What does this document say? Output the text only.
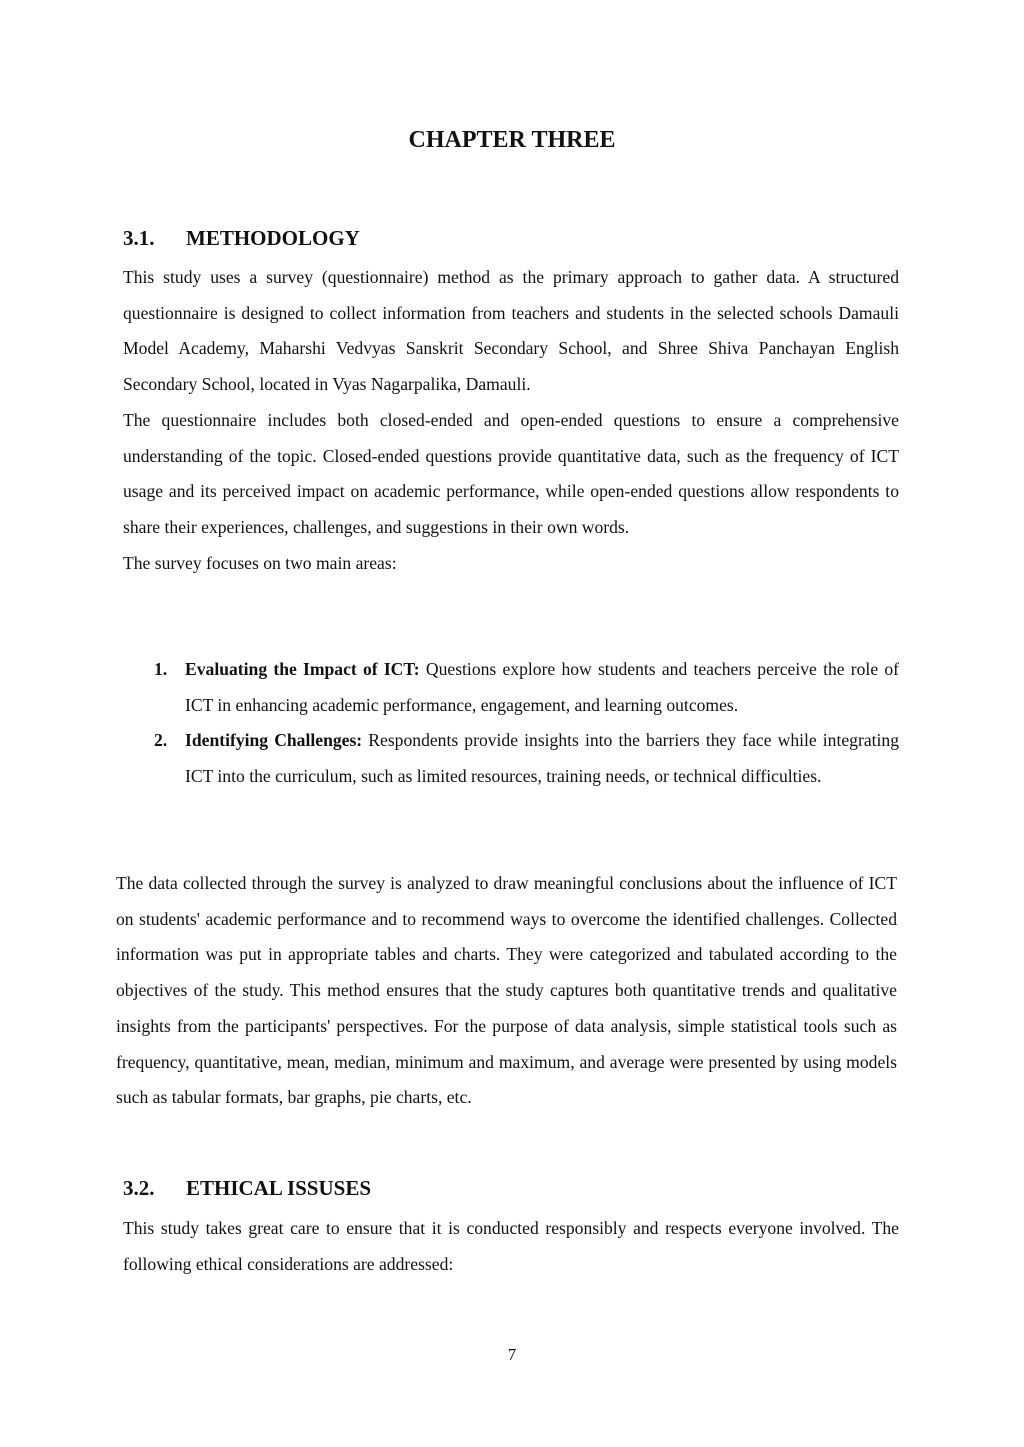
CHAPTER THREE
3.1. METHODOLOGY

This study uses a survey (questionnaire) method as the primary approach to gather data. A structured questionnaire is designed to collect information from teachers and students in the selected schools Damauli Model Academy, Maharshi Vedvyas Sanskrit Secondary School, and Shree Shiva Panchayan English Secondary School, located in Vyas Nagarpalika, Damauli.

The questionnaire includes both closed-ended and open-ended questions to ensure a comprehensive understanding of the topic. Closed-ended questions provide quantitative data, such as the frequency of ICT usage and its perceived impact on academic performance, while open-ended questions allow respondents to share their experiences, challenges, and suggestions in their own words.

The survey focuses on two main areas:

1. Evaluating the Impact of ICT: Questions explore how students and teachers perceive the role of ICT in enhancing academic performance, engagement, and learning outcomes.
2. Identifying Challenges: Respondents provide insights into the barriers they face while integrating ICT into the curriculum, such as limited resources, training needs, or technical difficulties.

The data collected through the survey is analyzed to draw meaningful conclusions about the influence of ICT on students' academic performance and to recommend ways to overcome the identified challenges. Collected information was put in appropriate tables and charts. They were categorized and tabulated according to the objectives of the study. This method ensures that the study captures both quantitative trends and qualitative insights from the participants' perspectives. For the purpose of data analysis, simple statistical tools such as frequency, quantitative, mean, median, minimum and maximum, and average were presented by using models such as tabular formats, bar graphs, pie charts, etc.

3.2. ETHICAL ISSUSES

This study takes great care to ensure that it is conducted responsibly and respects everyone involved. The following ethical considerations are addressed:

7
